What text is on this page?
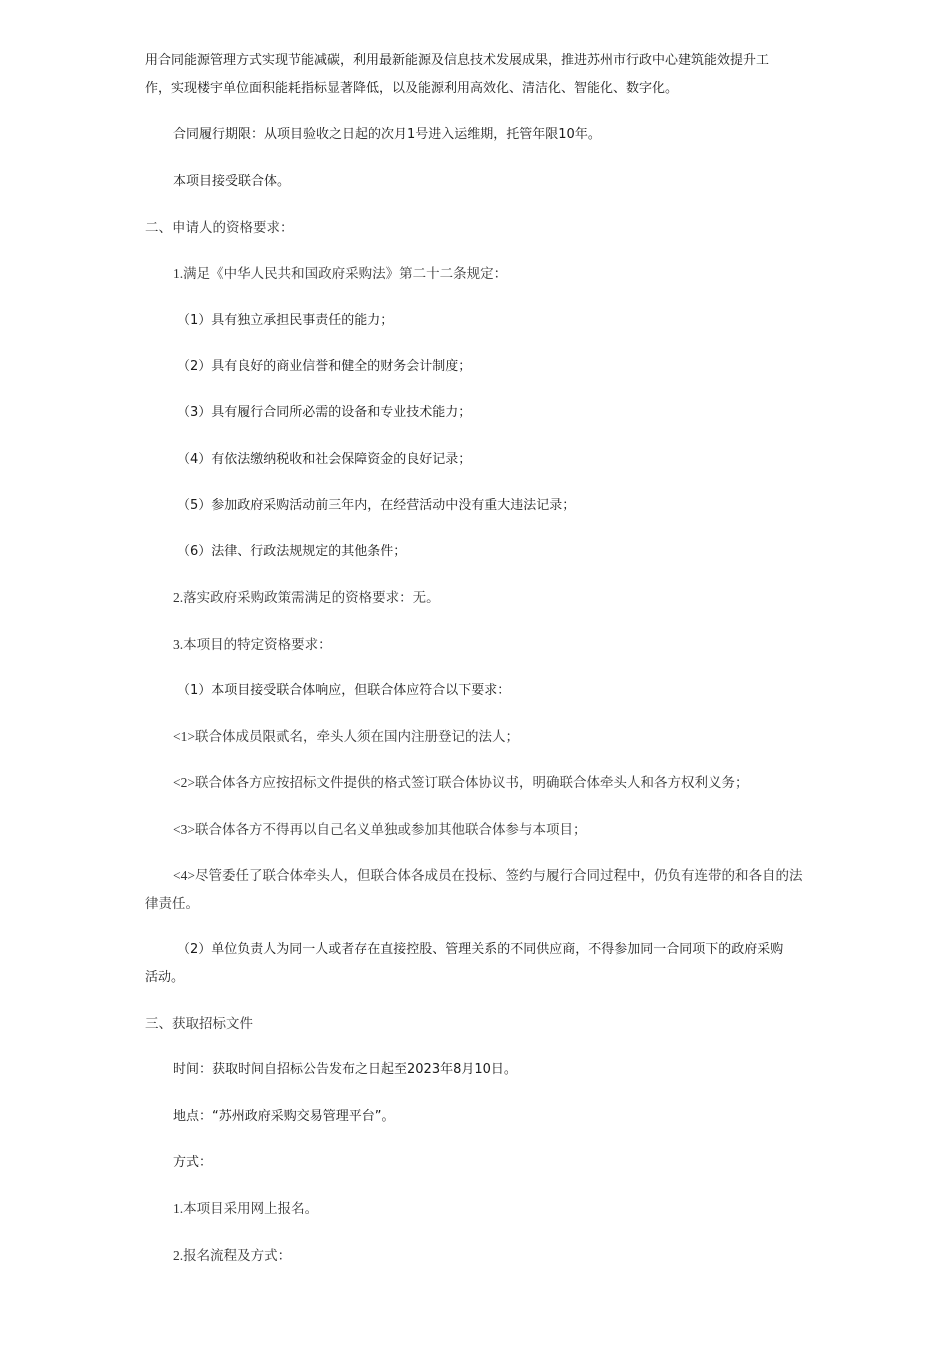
用合同能源管理方式实现节能减碳，利用最新能源及信息技术发展成果，推进苏州市行政中心建筑能效提升工

作，实现楼宇单位面积能耗指标显著降低，以及能源利用高效化、清洁化、智能化、数字化。

合同履行期限：从项目验收之日起的次月1号进入运维期，托管年限10年。

本项目接受联合体。

二、申请人的资格要求：

1.满足《中华人民共和国政府采购法》第二十二条规定：

（1）具有独立承担民事责任的能力；

（2）具有良好的商业信誉和健全的财务会计制度；

（3）具有履行合同所必需的设备和专业技术能力；

（4）有依法缴纳税收和社会保障资金的良好记录；

（5）参加政府采购活动前三年内，在经营活动中没有重大违法记录；

（6）法律、行政法规规定的其他条件；

2.落实政府采购政策需满足的资格要求：无。

3.本项目的特定资格要求：

（1）本项目接受联合体响应，但联合体应符合以下要求：

<1>联合体成员限贰名，牵头人须在国内注册登记的法人；

<2>联合体各方应按招标文件提供的格式签订联合体协议书，明确联合体牵头人和各方权利义务；

<3>联合体各方不得再以自己名义单独或参加其他联合体参与本项目；

<4>尽管委任了联合体牵头人，但联合体各成员在投标、签约与履行合同过程中，仍负有连带的和各自的法

律责任。

（2）单位负责人为同一人或者存在直接控股、管理关系的不同供应商，不得参加同一合同项下的政府采购

活动。

三、获取招标文件

时间：获取时间自招标公告发布之日起至2023年8月10日。

地点：“苏州政府采购交易管理平台”。

方式：

1.本项目采用网上报名。

2.报名流程及方式：
